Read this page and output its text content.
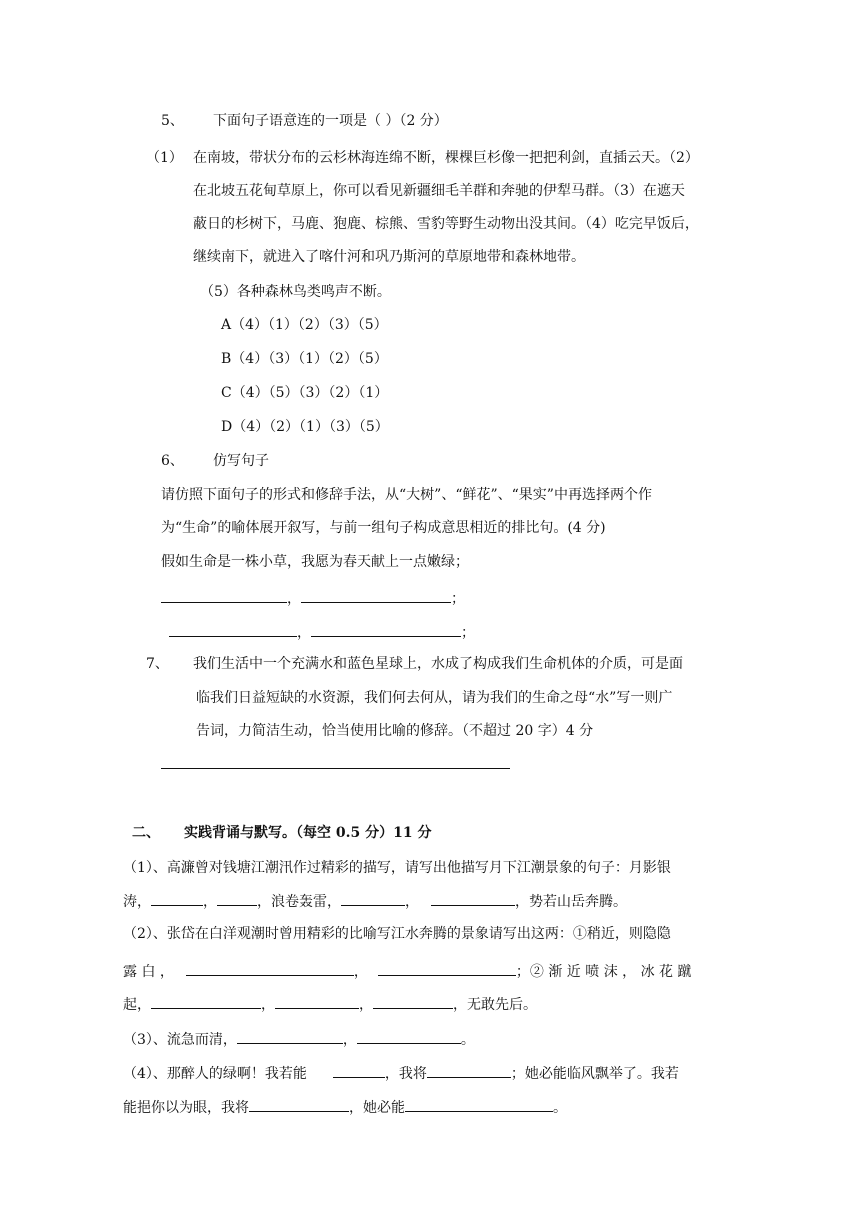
5、 下面句子语意连的一项是（ ）（2 分）
（1） 在南坡，带状分布的云杉林海连绵不断，棵棵巨杉像一把把利剑，直插云天。（2）
在北坡五花甸草原上，你可以看见新疆细毛羊群和奔驰的伊犁马群。（3）在遮天
蔽日的杉树下，马鹿、狍鹿、棕熊、雪豹等野生动物出没其间。（4）吃完早饭后，
继续南下，就进入了喀什河和巩乃斯河的草原地带和森林地带。
（5）各种森林鸟类鸣声不断。
A（4）（1）（2）（3）（5）
B（4）（3）（1）（2）（5）
C（4）（5）（3）（2）（1）
D（4）（2）（1）（3）（5）
6、 仿写句子
请仿照下面句子的形式和修辞手法，从“大树”、“鲜花”、“果实”中再选择两个作
为“生命”的喻体展开叙写，与前一组句子构成意思相近的排比句。(4 分)
假如生命是一株小草，我愿为春天献上一点嫩绿；
，	；
，	；
7、 我们生活中一个充满水和蓝色星球上，水成了构成我们生命机体的介质，可是面
临我们日益短缺的水资源，我们何去何从，请为我们的生命之母“水”写一则广
告词，力简洁生动，恰当使用比喻的修辞。（不超过 20 字）4 分
二、 实践背诵与默写。（每空 0.5 分）11 分
（1）、高濂曾对钱塘江潮汛作过精彩的描写，请写出他描写月下江潮景象的句子：月影银
涛，	，	，浪卷轰雷，	，	，势若山岳奔腾。
（2）、张岱在白洋观潮时曾用精彩的比喻写江水奔腾的景象请写出这两：①稍近，则隐隐
露 白 ，	，	；② 渐 近 喷 沫 ， 冰 花 蹴
起，	，	，	，无敢先后。
（3）、流急而清，	，	。
（4）、那醉人的绿啊！我若能	，我将	；她必能临风飘举了。我若
能挹你以为眼，我将	，她必能	。
